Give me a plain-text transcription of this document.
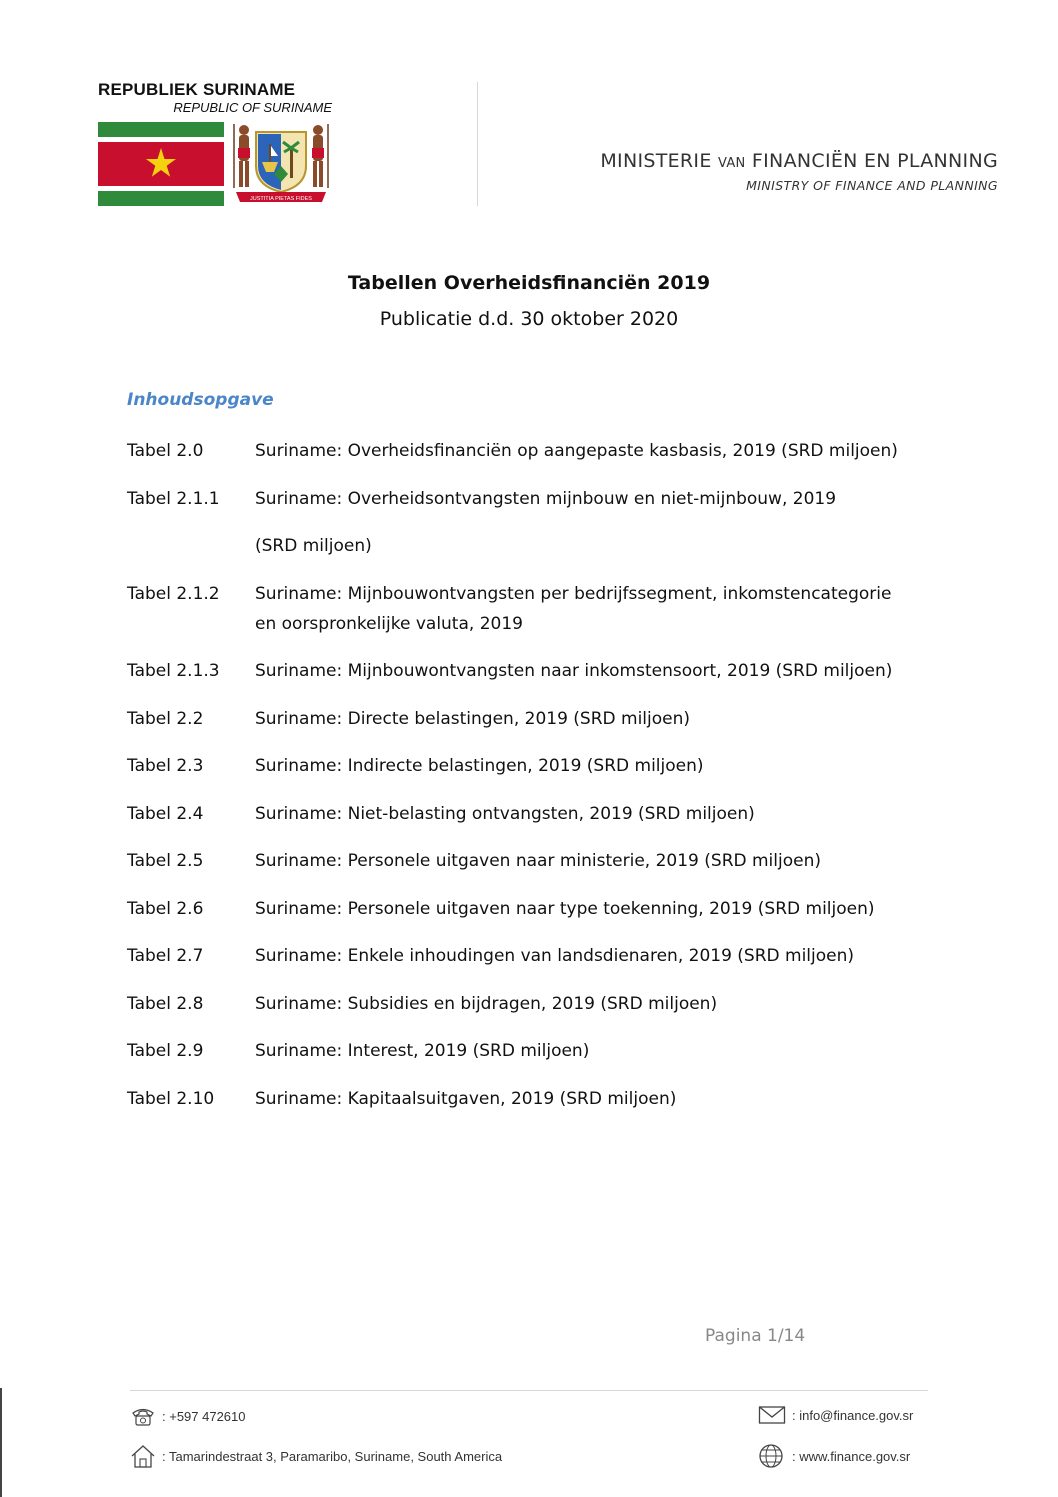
REPUBLIEK SURINAME
REPUBLIC OF SURINAME
JUSTITIA PIETAS FIDES
MINISTERIE VAN FINANCIËN EN PLANNING
MINISTRY OF FINANCE AND PLANNING
Tabellen Overheidsfinanciën 2019
Publicatie d.d. 30 oktober 2020
Inhoudsopgave
Tabel 2.0	Suriname: Overheidsfinanciën op aangepaste kasbasis, 2019 (SRD miljoen)
Tabel 2.1.1	Suriname: Overheidsontvangsten mijnbouw en niet-mijnbouw, 2019
(SRD miljoen)
Tabel 2.1.2	Suriname: Mijnbouwontvangsten per bedrijfssegment, inkomstencategorie en oorspronkelijke valuta, 2019
Tabel 2.1.3	Suriname: Mijnbouwontvangsten naar inkomstensoort, 2019 (SRD miljoen)
Tabel 2.2	Suriname: Directe belastingen, 2019 (SRD miljoen)
Tabel 2.3	Suriname: Indirecte belastingen, 2019 (SRD miljoen)
Tabel 2.4	Suriname: Niet-belasting ontvangsten, 2019 (SRD miljoen)
Tabel 2.5	Suriname: Personele uitgaven naar ministerie, 2019 (SRD miljoen)
Tabel 2.6	Suriname: Personele uitgaven naar type toekenning, 2019 (SRD miljoen)
Tabel 2.7	Suriname: Enkele inhoudingen van landsdienaren, 2019 (SRD miljoen)
Tabel 2.8	Suriname: Subsidies en bijdragen, 2019 (SRD miljoen)
Tabel 2.9	Suriname: Interest, 2019 (SRD miljoen)
Tabel 2.10	Suriname: Kapitaalsuitgaven, 2019 (SRD miljoen)
Pagina 1/14
: +597 472610
: Tamarindestraat 3, Paramaribo, Suriname, South America
: info@finance.gov.sr
: www.finance.gov.sr
